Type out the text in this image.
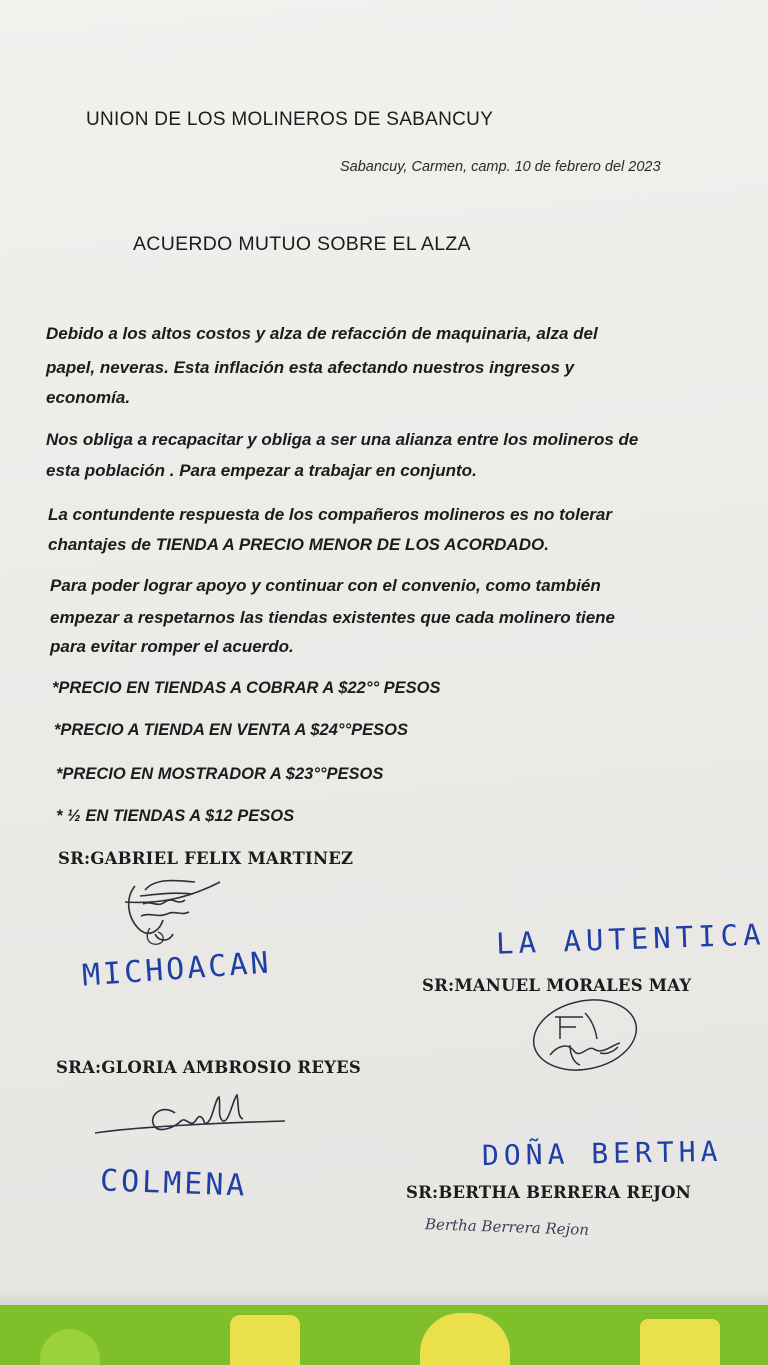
UNION DE LOS MOLINEROS DE SABANCUY
Sabancuy, Carmen, camp. 10 de febrero del 2023
ACUERDO MUTUO SOBRE EL ALZA
Debido a los altos costos y alza de refacción de maquinaria, alza del
papel, neveras. Esta inflación esta afectando nuestros ingresos y
economía.
Nos obliga a recapacitar y obliga a ser una alianza entre los molineros de
esta población . Para empezar a trabajar en conjunto.
La contundente respuesta de los compañeros molineros es no tolerar
chantajes de TIENDA A PRECIO MENOR DE LOS ACORDADO.
Para poder lograr apoyo y continuar con el convenio, como también
empezar a respetarnos las tiendas existentes que cada molinero tiene
para evitar romper el acuerdo.
*PRECIO EN TIENDAS A COBRAR A $22°° PESOS
*PRECIO A TIENDA EN VENTA A $24°°PESOS
*PRECIO EN MOSTRADOR A $23°°PESOS
* ½ EN TIENDAS A $12 PESOS
SR:GABRIEL FELIX MARTINEZ
MICHOACAN
LA AUTENTICA
SR:MANUEL MORALES MAY
SRA:GLORIA AMBROSIO REYES
COLMENA
DOÑA BERTHA
SR:BERTHA BERRERA REJON
Bertha Berrera Rejon
